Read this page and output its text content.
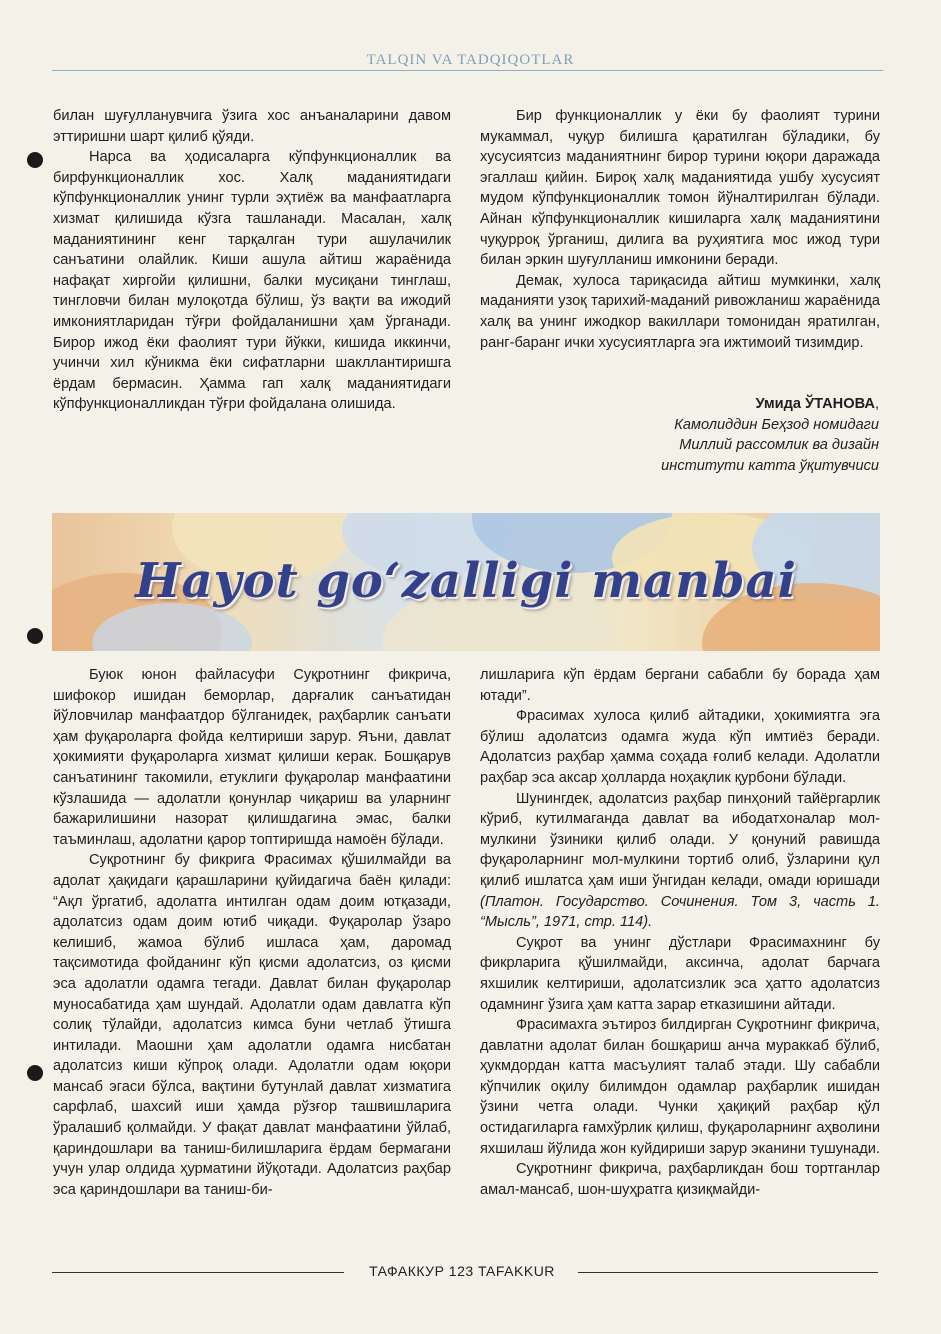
TALQIN VA TADQIQOTLAR

билан шуғулланувчига ўзига хос анъаналарини давом эттиришни шарт қилиб қўяди.

Нарса ва ҳодисаларга кўпфункционаллик ва бирфункционаллик хос. Халқ маданиятидаги кўпфункционаллик унинг турли эҳтиёж ва манфаатларга хизмат қилишида кўзга ташланади. Масалан, халқ маданиятининг кенг тарқалган тури ашулачилик санъатини олайлик. Киши ашула айтиш жараёнида нафақат хиргойи қилишни, балки мусиқани тинглаш, тингловчи билан мулоқотда бўлиш, ўз вақти ва ижодий имкониятларидан тўғри фойдаланишни ҳам ўрганади. Бирор ижод ёки фаолият тури йўкки, кишида иккинчи, учинчи хил кўникма ёки сифатларни шакллантиришга ёрдам бермасин. Ҳамма гап халқ маданиятидаги кўпфункционалликдан тўғри фойдалана олишида.

Бир функционаллик у ёки бу фаолият турини мукаммал, чуқур билишга қаратилган бўладики, бу хусусиятсиз маданиятнинг бирор турини юқори даражада эгаллаш қийин. Бироқ халқ маданиятида ушбу хусусият мудом кўпфункционаллик томон йўналтирилган бўлади. Айнан кўпфункционаллик кишиларга халқ маданиятини чуқурроқ ўрганиш, дилига ва руҳиятига мос ижод тури билан эркин шуғулланиш имконини беради.

Демак, хулоса тариқасида айтиш мумкинки, халқ маданияти узоқ тарихий-маданий ривожланиш жараёнида халқ ва унинг ижодкор вакиллари томонидан яратилган, ранг-баранг ички хусусиятларга эга ижтимоий тизимдир.

Умида ЎТАНОВА,
Камолиддин Беҳзод номидаги
Миллий рассомлик ва дизайн
институти катта ўқитувчиси
Hayot go‘zalligi manbai

Буюк юнон файласуфи Суқротнинг фикрича, шифокор ишидан беморлар, дарғалик санъатидан йўловчилар манфаатдор бўлганидек, раҳбарлик санъати ҳам фуқароларга фойда келтириши зарур. Яъни, давлат ҳокимияти фуқароларга хизмат қилиши керак. Бошқарув санъатининг такомили, етуклиги фуқаролар манфаатини кўзлашида — адолатли қонунлар чиқариш ва уларнинг бажарилишини назорат қилишдагина эмас, балки таъминлаш, адолатни қарор топтиришда намоён бўлади.

Суқротнинг бу фикрига Фрасимах қўшилмайди ва адолат ҳақидаги қарашларини қуйидагича баён қилади: “Ақл ўргатиб, адолатга интилган одам доим ютқазади, адолатсиз одам доим ютиб чиқади. Фуқаролар ўзаро келишиб, жамоа бўлиб ишласа ҳам, даромад тақсимотида фойданинг кўп қисми адолатсиз, оз қисми эса адолатли одамга тегади. Давлат билан фуқаролар муносабатида ҳам шундай. Адолатли одам давлатга кўп солиқ тўлайди, адолатсиз кимса буни четлаб ўтишга интилади. Маошни ҳам адолатли одамга нисбатан адолатсиз киши кўпроқ олади. Адолатли одам юқори мансаб эгаси бўлса, вақтини бутунлай давлат хизматига сарфлаб, шахсий иши ҳамда рўзғор ташвишларига ўралашиб қолмайди. У фақат давлат манфаатини ўйлаб, қариндошлари ва таниш-билишларига ёрдам бермагани учун улар олдида ҳурматини йўқотади. Адолатсиз раҳбар эса қариндошлари ва таниш-би-

лишларига кўп ёрдам бергани сабабли бу борада ҳам ютади”.

Фрасимах хулоса қилиб айтадики, ҳокимиятга эга бўлиш адолатсиз одамга жуда кўп имтиёз беради. Адолатсиз раҳбар ҳамма соҳада ғолиб келади. Адолатли раҳбар эса аксар ҳолларда ноҳақлик қурбони бўлади.

Шунингдек, адолатсиз раҳбар пинҳоний тайёргарлик кўриб, кутилмаганда давлат ва ибодатхоналар мол-мулкини ўзиники қилиб олади. У қонуний равишда фуқароларнинг мол-мулкини тортиб олиб, ўзларини қул қилиб ишлатса ҳам иши ўнгидан келади, омади юришади (Платон. Государство. Сочинения. Том 3, часть 1. “Мысль”, 1971, стр. 114).

Суқрот ва унинг дўстлари Фрасимахнинг бу фикрларига қўшилмайди, аксинча, адолат барчага яхшилик келтириши, адолатсизлик эса ҳатто адолатсиз одамнинг ўзига ҳам катта зарар етказишини айтади.

Фрасимахга эътироз билдирган Суқротнинг фикрича, давлатни адолат билан бошқариш анча мураккаб бўлиб, ҳукмдордан катта масъулият талаб этади. Шу сабабли кўпчилик оқилу билимдон одамлар раҳбарлик ишидан ўзини четга олади. Чунки ҳақиқий раҳбар қўл остидагиларга ғамхўрлик қилиш, фуқароларнинг аҳволини яхшилаш йўлида жон куйдириши зарур эканини тушунади.

Суқротнинг фикрича, раҳбарликдан бош тортганлар амал-мансаб, шон-шуҳратга қизиқмайди-

ТАФАККУР 123 TAFAKKUR
